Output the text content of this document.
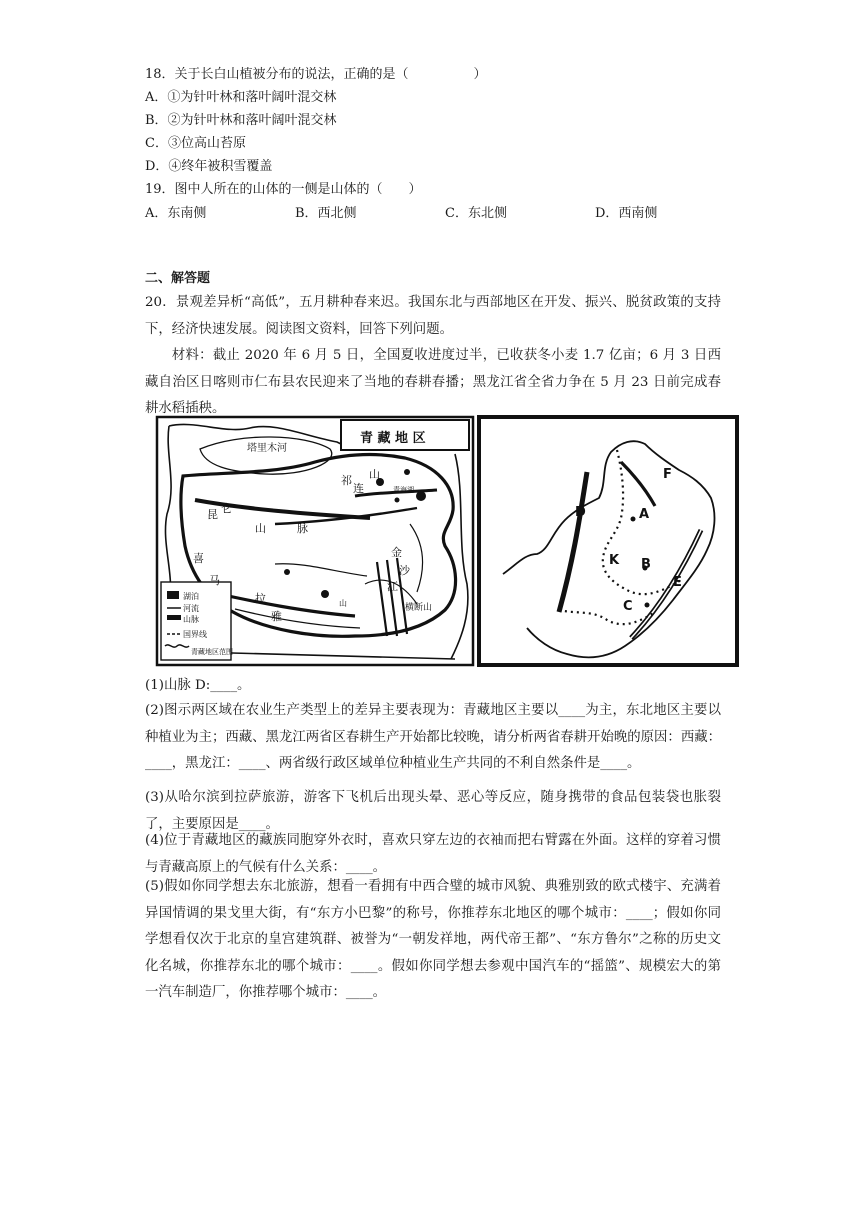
18．关于长白山植被分布的说法，正确的是（　　　　　）
A．①为针叶林和落叶阔叶混交林
B．②为针叶林和落叶阔叶混交林
C．③位高山苔原
D．④终年被积雪覆盖
19．图中人所在的山体的一侧是山体的（　　）
A．东南侧	B．西北侧	C．东北侧	D．西南侧
二、解答题
20．景观差异析“高低”，五月耕种春来迟。我国东北与西部地区在开发、振兴、脱贫政策的支持下，经济快速发展。阅读图文资料，回答下列问题。
材料：截止 2020 年 6 月 5 日，全国夏收进度过半，已收获冬小麦 1.7 亿亩；6 月 3 日西藏自治区日喀则市仁布县农民迎来了当地的春耕春播；黑龙江省全省力争在 5 月 23 日前完成春耕水稻插秧。
青 藏 地 区
塔里木河
祁
连
山
青海湖
昆 仑
山	脉
喜
马
拉
雅
金
沙
江
山	横断山
湖泊
河流
山脉
国界线
青藏地区范围
F
A
D
K B
E
C
(1)山脉 D:____。
(2)图示两区域在农业生产类型上的差异主要表现为：青藏地区主要以____为主，东北地区主要以种植业为主；西藏、黑龙江两省区春耕生产开始都比较晚，请分析两省春耕开始晚的原因：西藏：____，黑龙江：____、两省级行政区域单位种植业生产共同的不利自然条件是____。
(3)从哈尔滨到拉萨旅游，游客下飞机后出现头晕、恶心等反应，随身携带的食品包装袋也胀裂了，主要原因是____。
(4)位于青藏地区的藏族同胞穿外衣时，喜欢只穿左边的衣袖而把右臂露在外面。这样的穿着习惯与青藏高原上的气候有什么关系：____。
(5)假如你同学想去东北旅游，想看一看拥有中西合璧的城市风貌、典雅别致的欧式楼宇、充满着异国情调的果戈里大街，有“东方小巴黎”的称号，你推荐东北地区的哪个城市：____；假如你同学想看仅次于北京的皇宫建筑群、被誉为“一朝发祥地，两代帝王都”、“东方鲁尔”之称的历史文化名城，你推荐东北的哪个城市：____。假如你同学想去参观中国汽车的“摇篮”、规模宏大的第一汽车制造厂，你推荐哪个城市：____。
